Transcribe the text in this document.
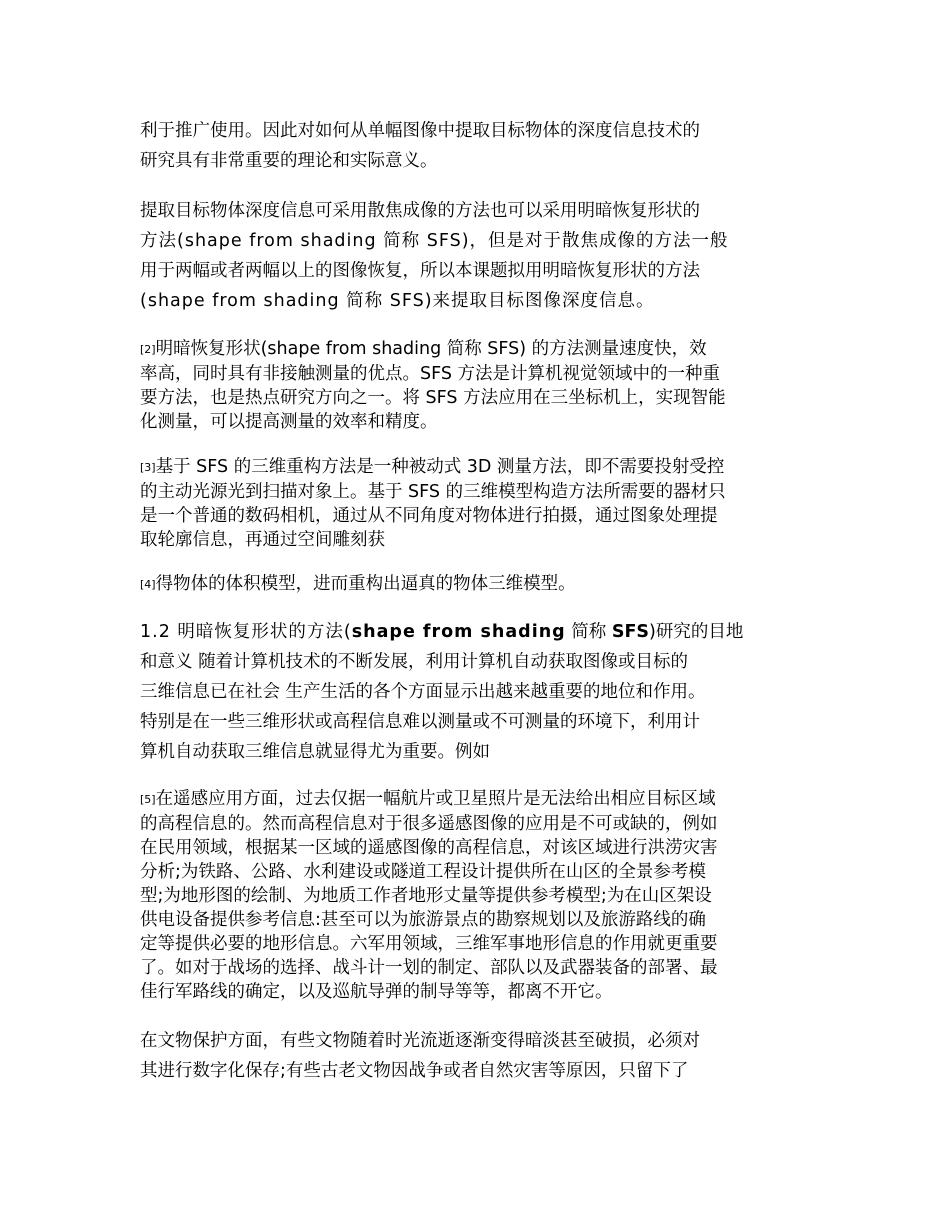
利于推广使用。因此对如何从单幅图像中提取目标物体的深度信息技术的
研究具有非常重要的理论和实际意义。
提取目标物体深度信息可采用散焦成像的方法也可以采用明暗恢复形状的
方法(shape from shading 简称 SFS)，但是对于散焦成像的方法一般
用于两幅或者两幅以上的图像恢复，所以本课题拟用明暗恢复形状的方法
(shape from shading 简称 SFS)来提取目标图像深度信息。
[2]明暗恢复形状(shape from shading 简称 SFS) 的方法测量速度快，效
率高，同时具有非接触测量的优点。SFS 方法是计算机视觉领域中的一种重
要方法，也是热点研究方向之一。将 SFS 方法应用在三坐标机上，实现智能
化测量，可以提高测量的效率和精度。
[3]基于 SFS 的三维重构方法是一种被动式 3D 测量方法，即不需要投射受控
的主动光源光到扫描对象上。基于 SFS 的三维模型构造方法所需要的器材只
是一个普通的数码相机，通过从不同角度对物体进行拍摄，通过图象处理提
取轮廓信息，再通过空间雕刻获
[4]得物体的体积模型，进而重构出逼真的物体三维模型。
1.2 明暗恢复形状的方法(shape from shading 简称 SFS)研究的目地
和意义 随着计算机技术的不断发展，利用计算机自动获取图像或目标的
三维信息已在社会 生产生活的各个方面显示出越来越重要的地位和作用。
特别是在一些三维形状或高程信息难以测量或不可测量的环境下，利用计
算机自动获取三维信息就显得尤为重要。例如
[5]在遥感应用方面，过去仅据一幅航片或卫星照片是无法给出相应目标区域
的高程信息的。然而高程信息对于很多遥感图像的应用是不可或缺的，例如
在民用领域，根据某一区域的遥感图像的高程信息，对该区域进行洪涝灾害
分析;为铁路、公路、水利建设或隧道工程设计提供所在山区的全景参考模
型;为地形图的绘制、为地质工作者地形丈量等提供参考模型;为在山区架设
供电设备提供参考信息:甚至可以为旅游景点的勘察规划以及旅游路线的确
定等提供必要的地形信息。六军用领域，三维军事地形信息的作用就更重要
了。如对于战场的选择、战斗计一划的制定、部队以及武器装备的部署、最
佳行军路线的确定，以及巡航导弹的制导等等，都离不开它。
在文物保护方面，有些文物随着时光流逝逐渐变得暗淡甚至破损，必须对
其进行数字化保存;有些古老文物因战争或者自然灾害等原因，只留下了
